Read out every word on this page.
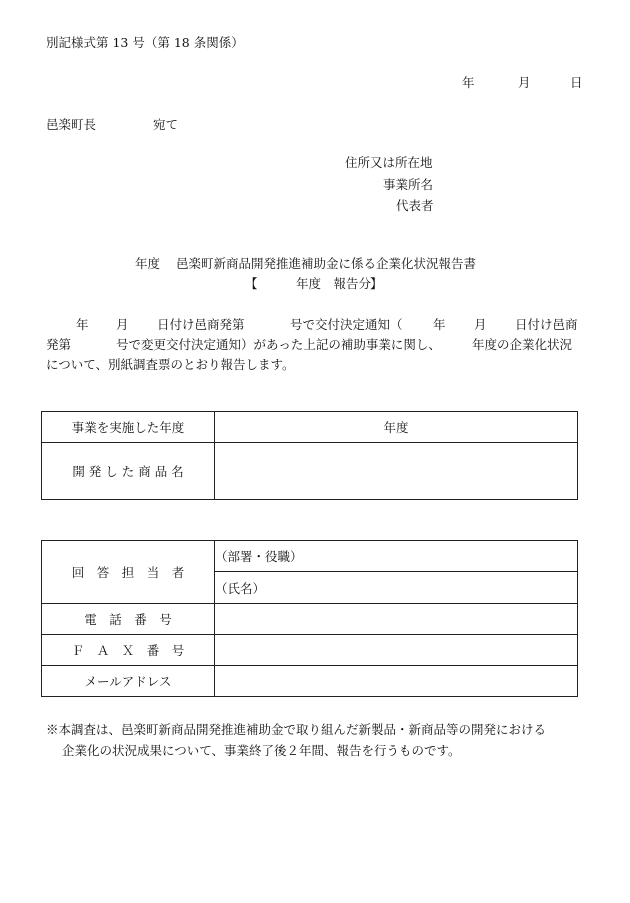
別記様式第 13 号（第 18 条関係）
年	月	日
邑楽町長	宛て
住所又は所在地
事業所名
代表者
年度 邑楽町新商品開発推進補助金に係る企業化状況報告書
【	年度　報告分
】
年 月 日付け邑商発第	号で交付決定通知（ 年 月 日付け邑商
発第	号で変更交付決定通知）があった上記の補助事業に関し、 年度の企業化状況
について、別紙調査票のとおり報告します。
事業を実施した年度	年度
開 発 し た 商 品 名	
回　答　担　当　者	（部署・役職）
	（氏名）
電　話　番　号	
Ｆ　Ａ　Ｘ　番　号	
メールアドレス	
※本調査は、邑楽町新商品開発推進補助金で取り組んだ新製品・新商品等の開発における
企業化の状況成果について、事業終了後２年間、報告を行うものです。
